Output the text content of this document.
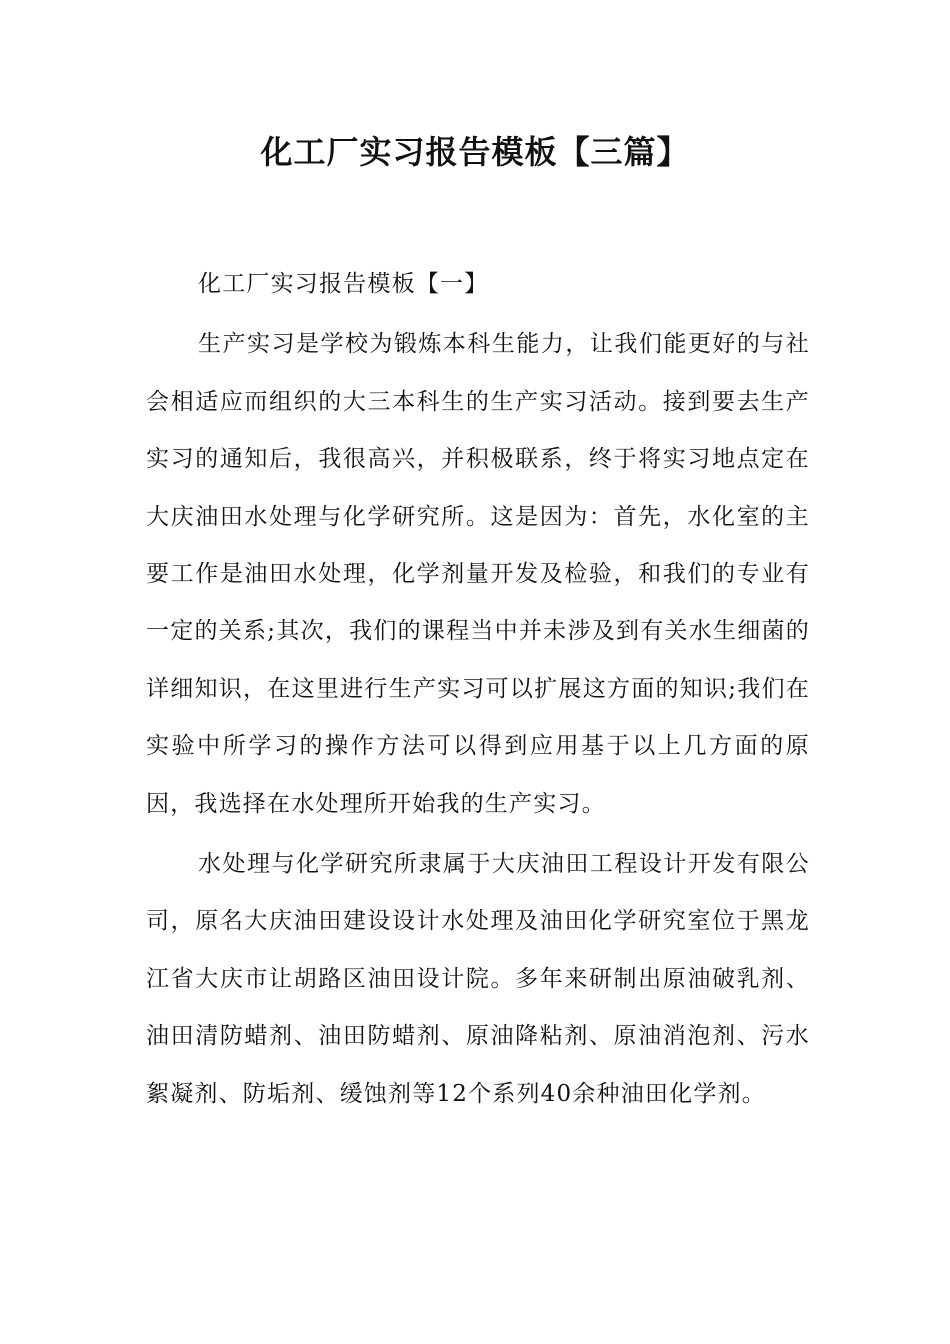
化工厂实习报告模板【三篇】

化工厂实习报告模板【一】

生产实习是学校为锻炼本科生能力，让我们能更好的与社会相适应而组织的大三本科生的生产实习活动。接到要去生产实习的通知后，我很高兴，并积极联系，终于将实习地点定在大庆油田水处理与化学研究所。这是因为：首先，水化室的主要工作是油田水处理，化学剂量开发及检验，和我们的专业有一定的关系;其次，我们的课程当中并未涉及到有关水生细菌的详细知识，在这里进行生产实习可以扩展这方面的知识;我们在实验中所学习的操作方法可以得到应用基于以上几方面的原因，我选择在水处理所开始我的生产实习。

水处理与化学研究所隶属于大庆油田工程设计开发有限公司，原名大庆油田建设设计水处理及油田化学研究室位于黑龙江省大庆市让胡路区油田设计院。多年来研制出原油破乳剂、油田清防蜡剂、油田防蜡剂、原油降粘剂、原油消泡剂、污水絮凝剂、防垢剂、缓蚀剂等12个系列40余种油田化学剂。
